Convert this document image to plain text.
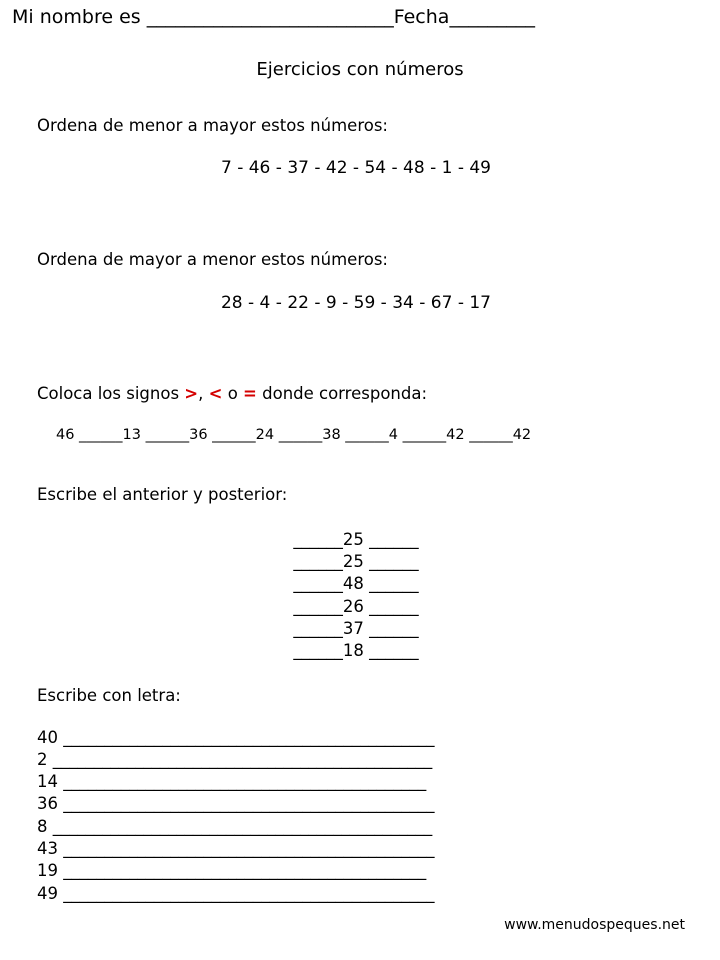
Mi nombre es __________________________Fecha_________
Ejercicios con números
Ordena de menor a mayor estos números:
7 - 46 - 37 - 42 - 54 - 48 - 1 - 49
Ordena de mayor a menor estos números:
28 - 4 - 22 - 9 - 59 - 34 - 67 - 17
Coloca los signos >, < o = donde corresponda:
46 ______13 ______36 ______24 ______38 ______4 ______42 ______42
Escribe el anterior y posterior:
______25 ______
______25 ______
______48 ______
______26 ______
______37 ______
______18 ______
Escribe con letra:
40 _____________________________________________
2 ______________________________________________
14 ____________________________________________
36 _____________________________________________
8 ______________________________________________
43 _____________________________________________
19 ____________________________________________
49 _____________________________________________
www.menudospeques.net
